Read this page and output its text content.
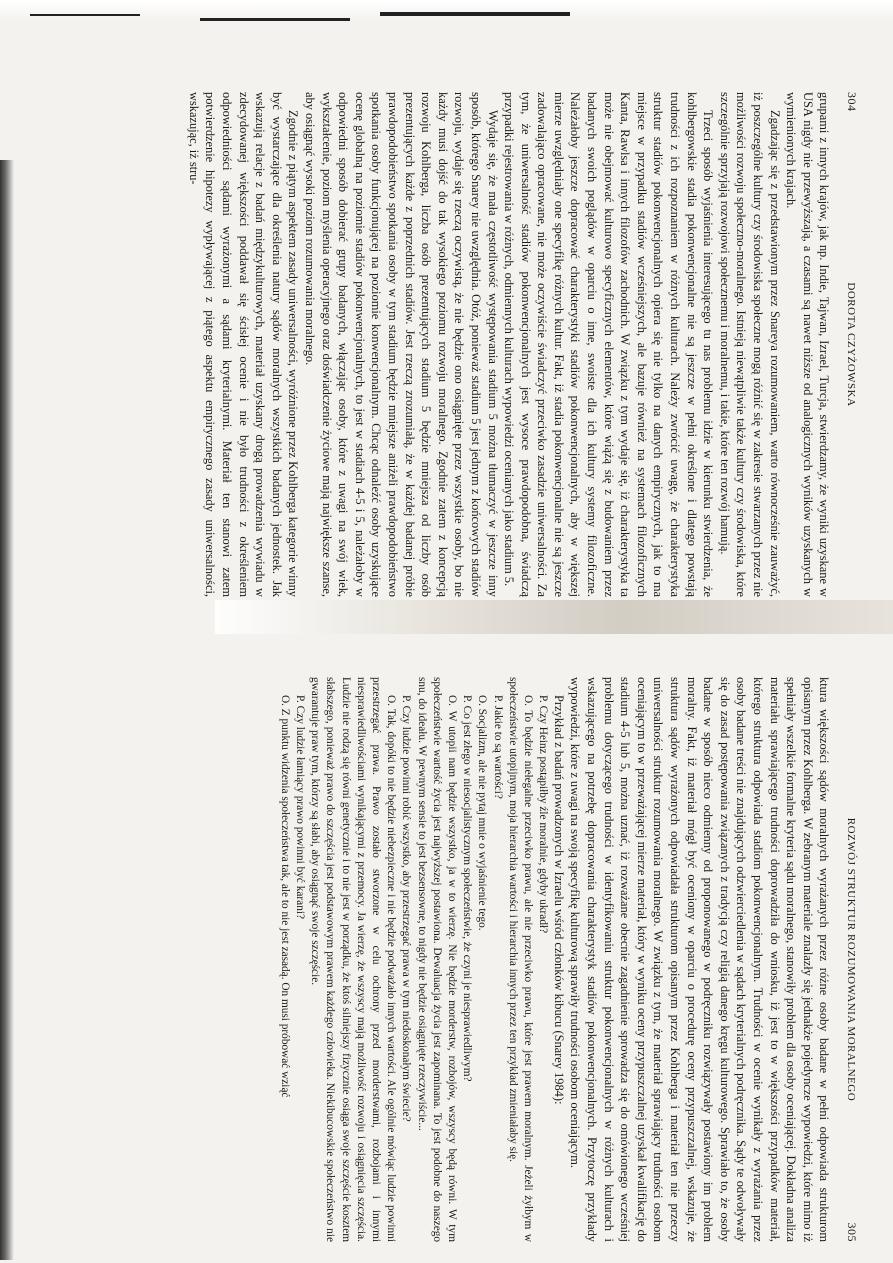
304
DOROTA CZYŻOWSKA

grupami z innych krajów, jak np. Indie, Tajwan, Izrael, Turcja, stwierdzamy, że wyniki uzyskane w USA nigdy nie przewyższają, a czasami są nawet niższe od analogicznych wyników uzyskanych w wymienionych krajach.

Zgadzając się z przedstawionym przez Snareya rozumowaniem, warto równocześnie zauważyć, iż poszczególne kultury czy środowiska społeczne mogą różnić się w zakresie stwarzanych przez nie możliwości rozwoju społeczno-moralnego. Istnieją niewątpliwie także kultury czy środowiska, które szczególnie sprzyjają rozwojowi społecznemu i moralnemu, i takie, które ten rozwój hamują.

Trzeci sposób wyjaśnienia interesującego tu nas problemu idzie w kierunku stwierdzenia, że kohlbergowskie stadia pokonwencjonalne nie są jeszcze w pełni określone i dlatego powstają trudności z ich rozpoznaniem w różnych kulturach. Należy zwrócić uwagę, że charakterystyka struktur stadiów pokonwencjonalnych opiera się nie tylko na danych empirycznych, jak to ma miejsce w przypadku stadiów wcześniejszych, ale bazuje również na systemach filozoficznych Kanta, Rawlsa i innych filozofów zachodnich. W związku z tym wydaje się, iż charakterystyka ta może nie obejmować kulturowo specyficznych elementów, które wiążą się z budowaniem przez badanych swoich poglądów w oparciu o inne, swoiste dla ich kultury systemy filozoficzne. Należałoby jeszcze dopracować charakterystyki stadiów pokonwencjonalnych, aby w większej mierze uwzględniały one specyfikę różnych kultur. Fakt, iż stadia pokonwencjonalne nie są jeszcze zadowalająco opracowane, nie może oczywiście świadczyć przeciwko zasadzie uniwersalności. Za tym, że uniwersalność stadiów pokonwencjonalnych jest wysoce prawdopodobna, świadczą przypadki rejestrowania w różnych, odmiennych kulturach wypowiedzi ocenianych jako stadium 5.

Wydaje się, że mała częstotliwość występowania stadium 5 można tłumaczyć w jeszcze inny sposób, którego Snarey nie uwzględnia. Otóż, ponieważ stadium 5 jest jednym z końcowych stadiów rozwoju, wydaje się rzeczą oczywistą, że nie będzie ono osiągnięte przez wszystkie osoby, bo nie każdy musi dojść do tak wysokiego poziomu rozwoju moralnego. Zgodnie zatem z koncepcją rozwoju Kohlberga, liczba osób prezentujących stadium 5 będzie mniejsza od liczby osób prezentujących każde z poprzednich stadiów. Jest rzeczą zrozumiałą, że w każdej badanej próbie prawdopodobieństwo spotkania osoby w tym stadium będzie mniejsze aniżeli prawdopodobieństwo spotkania osoby funkcjonującej na poziomie konwencjonalnym. Chcąc odnaleźć osoby uzyskujące ocenę globalną na poziomie stadiów pokonwencjonalnych, to jest w stadiach 4-5 i 5, należałoby w odpowiedni sposób dobierać grupy badanych, włączając osoby, które z uwagi na swój wiek, wykształcenie, poziom myślenia operacyjnego oraz doświadczenie życiowe mają największe szanse, aby osiągnąć wysoki poziom rozumowania moralnego.

Zgodnie z piątym aspektem zasady uniwersalności, wyróżnione przez Kohlberga kategorie winny być wystarczające dla określenia natury sądów moralnych wszystkich badanych jednostek. Jak wskazują relacje z badań międzykulturowych, materiał uzyskany drogą prowadzenia wywiadu w zdecydowanej większości poddawał się ścisłej ocenie i nie było trudności z określeniem odpowiedniości sądami wyrażonymi a sądami kryterialnymi. Materiał ten stanowi zatem potwierdzenie hipotezy wypływającej z piątego aspektu empirycznego zasady uniwersalności, wskazując, iż stru-

ROZWÓJ STRUKTUR ROZUMOWANIA MORALNEGO
305

ktura większości sądów moralnych wyrażanych przez różne osoby badane w pełni odpowiada strukturom opisanym przez Kohlberga. W zebranym materiale znalazły się jednakże pojedyncze wypowiedzi, które mimo iż spełniały wszelkie formalne kryteria sądu moralnego, stanowiły problem dla osoby oceniającej. Dokładna analiza materiału sprawiającego trudności doprowadziła do wniosku, iż jest to w większości przypadków materiał, którego struktura odpowiada stadiom pokonwencjonalnym. Trudności w ocenie wynikały z wyrażania przez osoby badane treści nie znajdujących odzwierciedlenia w sądach kryterialnych podręcznika. Sądy te odwoływały się do zasad postępowania związanych z tradycją czy religią danego kręgu kulturowego. Sprawiało to, że osoby badane w sposób nieco odmienny od proponowanego w podręczniku rozwiązywały postawiony im problem moralny. Fakt, iż materiał mógł być oceniony w oparciu o procedurę oceny przypuszczalnej, wskazuje, że struktura sądów wyrażonych odpowiadała strukturom opisanym przez Kohlberga i materiał ten nie przeczy uniwersalności struktur rozumowania moralnego. W związku z tym, że materiał sprawiający trudności osobom oceniającym to w przeważającej mierze materiał, który w wyniku oceny przypuszczalnej uzyskał kwalifikację do stadium 4-5 lub 5, można uznać, iż rozważane obecnie zagadnienie sprowadza się do omówionego wcześniej problemu dotyczącego trudności w identyfikowaniu struktur pokonwencjonalnych w różnych kulturach i wskazującego na potrzebę dopracowania charakterystyk stadiów pokonwencjonalnych. Przytoczę przykłady wypowiedzi, które z uwagi na swoją specyfikę kulturową sprawiły trudności osobom oceniającym.

Przykład z badań prowadzonych w Izraelu wśród członków kibucu (Snarey 1984):

P. Czy Heinz postąpiłby źle moralnie, gdyby ukradł?

O. To będzie niełegalne przeciwko prawu, ale nie przeciwko prawu, które jest prawem moralnym. Jeżeli żyłbym w społeczeństwie utopijnym, moja hierarchia wartości i hierarchia innych przez ten przykład zmieniałaby się.

P. Jakie to są wartości?

O. Socjalizm, ale nie pytaj mnie o wyjaśnienie tego.

P. Co jest złego w niesocjalistycznym społeczeństwie, że czyni je niesprawiedliwym?

O. W utopii nam będzie wszystko, ja w to wierzę. Nie będzie morderstw, rozbojów, wszyscy będą równi. W tym społeczeństwie wartość życia jest najwyższej postawiona. Dewaluacja życia jest zapominana. To jest podobne do naszego snu, do ideału. W pewnym sensie to jest bezsensowne, to nigdy nie będzie osiągnięte rzeczywiście...

P. Czy ludzie powinni robić wszystko, aby przestrzegać prawa w tym niedoskonałym świecie?

O. Tak, dopóki to nie będzie niebezpieczne i nie będzie podważało innych wartości. Ale ogólnie mówiąc ludzie powinni przestrzegać prawa. Prawo zostało stworzone w celu ochrony przed morderstwami, rozbojami i innymi niesprawiedliwościami wynikającymi z przemocy. Ja wierzę, że wszyscy mają możliwość rozwoju i osiągnięcia szczęścia. Ludzie nie rodzą się równi genetycznie i to nie jest w porządku, że ktoś silniejszy fizycznie osiąga swoje szczęście kosztem słabszego, ponieważ prawo do szczęścia jest podstawowym prawem każdego człowieka. Niekibucowskie społeczeństwo nie gwarantuje praw tym, którzy są słabi, aby osiągnąć swoje szczęście.

P. Czy ludzie łamiący prawo powinni być karani?

O. Z punktu widzenia społeczeństwa tak, ale to nie jest zasadą. On musi próbować wziąć
